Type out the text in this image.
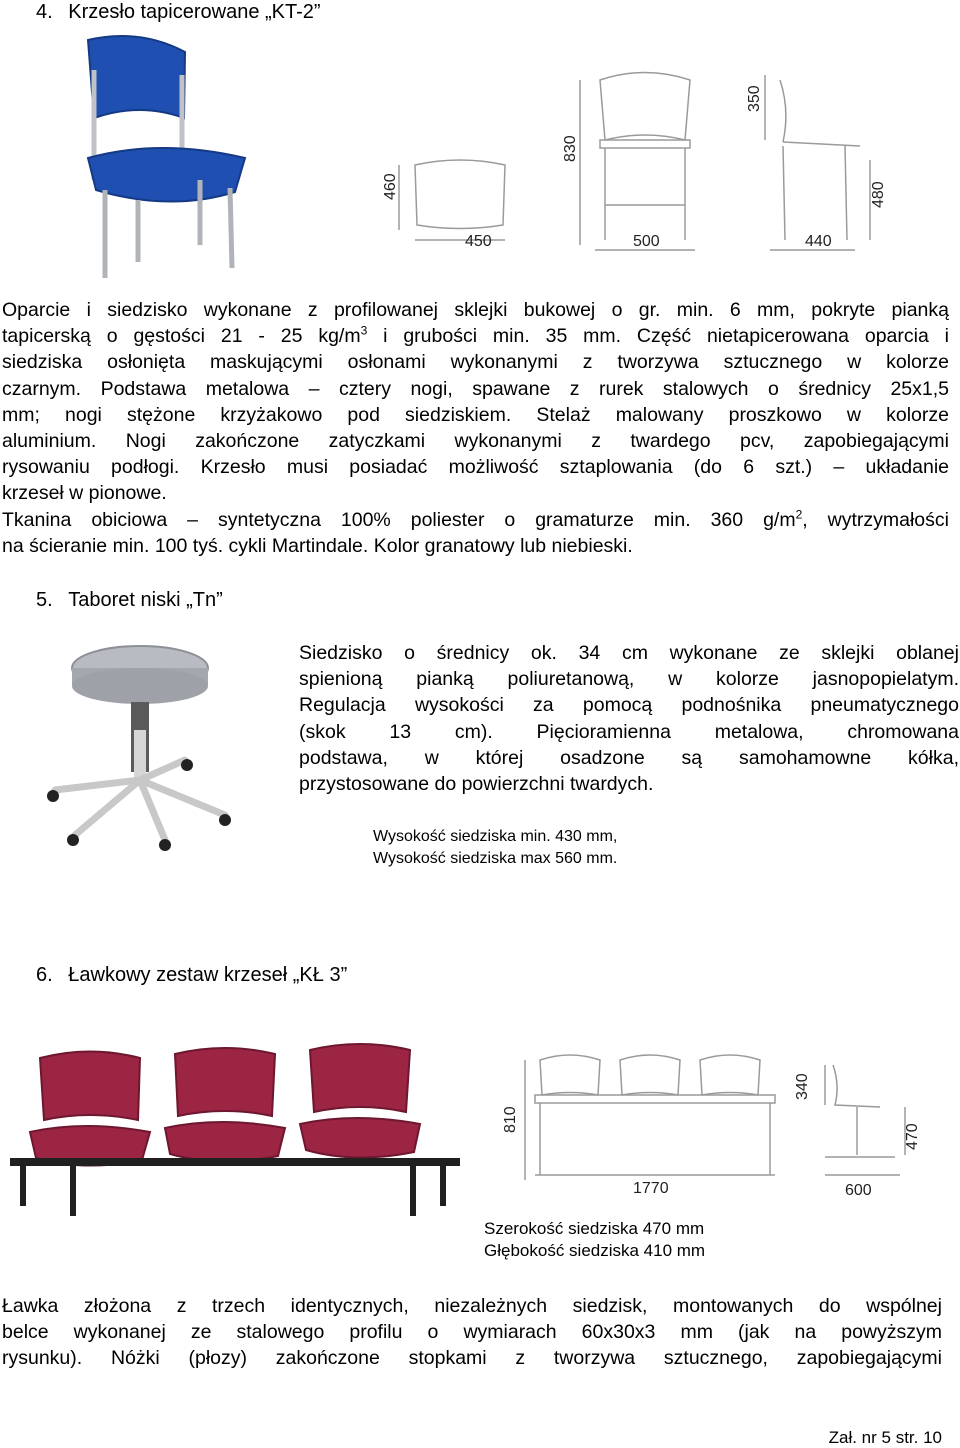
4. Krzesło tapicerowane „KT-2”
460
450
830
500
350
440
480
Oparcie i siedzisko wykonane z profilowanej sklejki bukowej o gr. min. 6 mm, pokryte pianką
tapicerską o gęstości 21 - 25 $kg/m^3$ i grubości min. 35 mm. Część nietapicerowana oparcia i
siedziska osłonięta maskującymi osłonami wykonanymi z tworzywa sztucznego w kolorze
czarnym. Podstawa metalowa – cztery nogi, spawane z rurek stalowych o średnicy 25x1,5
mm; nogi stężone krzyżakowo pod siedziskiem. Stelaż malowany proszkowo w kolorze
aluminium. Nogi zakończone zatyczkami wykonanymi z twardego pcv, zapobiegającymi
rysowaniu podłogi. Krzesło musi posiadać możliwość sztaplowania (do 6 szt.) – układanie
krzeseł w pionowe.
Tkanina obiciowa – syntetyczna 100% poliester o gramaturze min. 360 $g/m^2$, wytrzymałości
na ścieranie min. 100 tyś. cykli Martindale. Kolor granatowy lub niebieski.
5. Taboret niski „Tn”
Siedzisko o średnicy ok. 34 cm wykonane ze sklejki oblanej
spienioną pianką poliuretanową, w kolorze jasnopopielatym.
Regulacja wysokości za pomocą podnośnika pneumatycznego
(skok 13 cm). Pięcioramienna metalowa, chromowana
podstawa, w której osadzone są samohamowne kółka,
przystosowane do powierzchni twardych.
Wysokość siedziska min. 430 mm,
Wysokość siedziska max 560 mm.
6. Ławkowy zestaw krzeseł „KŁ 3”
810
1770
340
470
600
Szerokość siedziska 470 mm
Głębokość siedziska 410 mm
Ławka złożona z trzech identycznych, niezależnych siedzisk, montowanych do wspólnej
belce wykonanej ze stalowego profilu o wymiarach 60x30x3 mm (jak na powyższym
rysunku). Nóżki (płozy) zakończone stopkami z tworzywa sztucznego, zapobiegającymi
Zał. nr 5 str. 10
